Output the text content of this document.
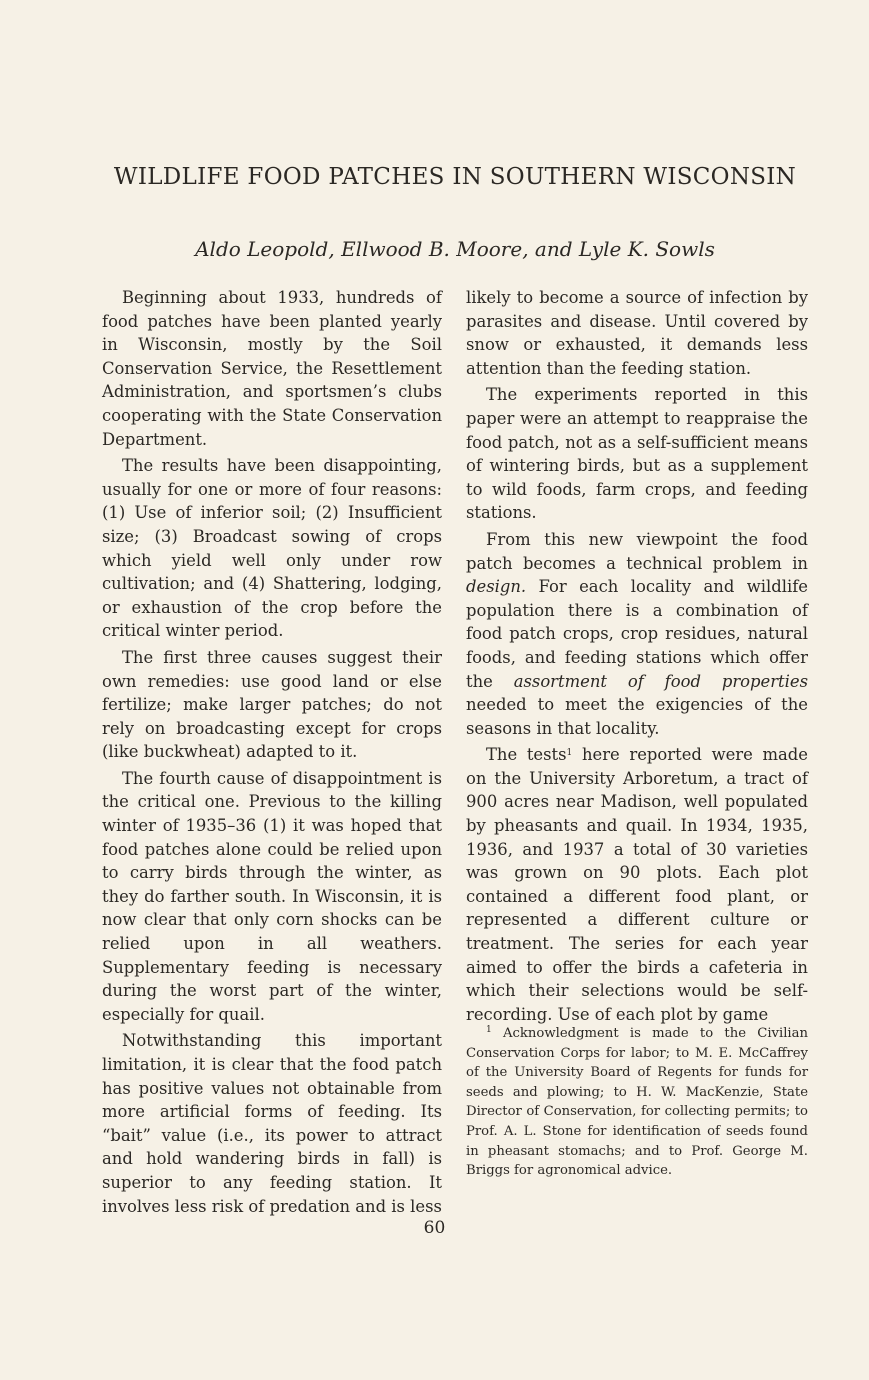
WILDLIFE FOOD PATCHES IN SOUTHERN WISCONSIN

Aldo Leopold, Ellwood B. Moore, and Lyle K. Sowls

Beginning about 1933, hundreds of food patches have been planted yearly in Wisconsin, mostly by the Soil Conservation Service, the Resettlement Administration, and sportsmen’s clubs cooperating with the State Conservation Department.

The results have been disappointing, usually for one or more of four reasons: (1) Use of inferior soil; (2) Insufficient size; (3) Broadcast sowing of crops which yield well only under row cultivation; and (4) Shattering, lodging, or exhaustion of the crop before the critical winter period.

The first three causes suggest their own remedies: use good land or else fertilize; make larger patches; do not rely on broadcasting except for crops (like buckwheat) adapted to it.

The fourth cause of disappointment is the critical one. Previous to the killing winter of 1935–36 (1) it was hoped that food patches alone could be relied upon to carry birds through the winter, as they do farther south. In Wisconsin, it is now clear that only corn shocks can be relied upon in all weathers. Supplementary feeding is necessary during the worst part of the winter, especially for quail.

Notwithstanding this important limitation, it is clear that the food patch has positive values not obtainable from more artificial forms of feeding. Its “bait” value (i.e., its power to attract and hold wandering birds in fall) is superior to any feeding station. It involves less risk of predation and is less

likely to become a source of infection by parasites and disease. Until covered by snow or exhausted, it demands less attention than the feeding station.

The experiments reported in this paper were an attempt to reappraise the food patch, not as a self-sufficient means of wintering birds, but as a supplement to wild foods, farm crops, and feeding stations.

From this new viewpoint the food patch becomes a technical problem in design. For each locality and wildlife population there is a combination of food patch crops, crop residues, natural foods, and feeding stations which offer the assortment of food properties needed to meet the exigencies of the seasons in that locality.

The tests$^1$ here reported were made on the University Arboretum, a tract of 900 acres near Madison, well populated by pheasants and quail. In 1934, 1935, 1936, and 1937 a total of 30 varieties was grown on 90 plots. Each plot contained a different food plant, or represented a different culture or treatment. The series for each year aimed to offer the birds a cafeteria in which their selections would be self-recording. Use of each plot by game

$^1$ Acknowledgment is made to the Civilian Conservation Corps for labor; to M. E. McCaffrey of the University Board of Regents for funds for seeds and plowing; to H. W. MacKenzie, State Director of Conservation, for collecting permits; to Prof. A. L. Stone for identification of seeds found in pheasant stomachs; and to Prof. George M. Briggs for agronomical advice.

60
